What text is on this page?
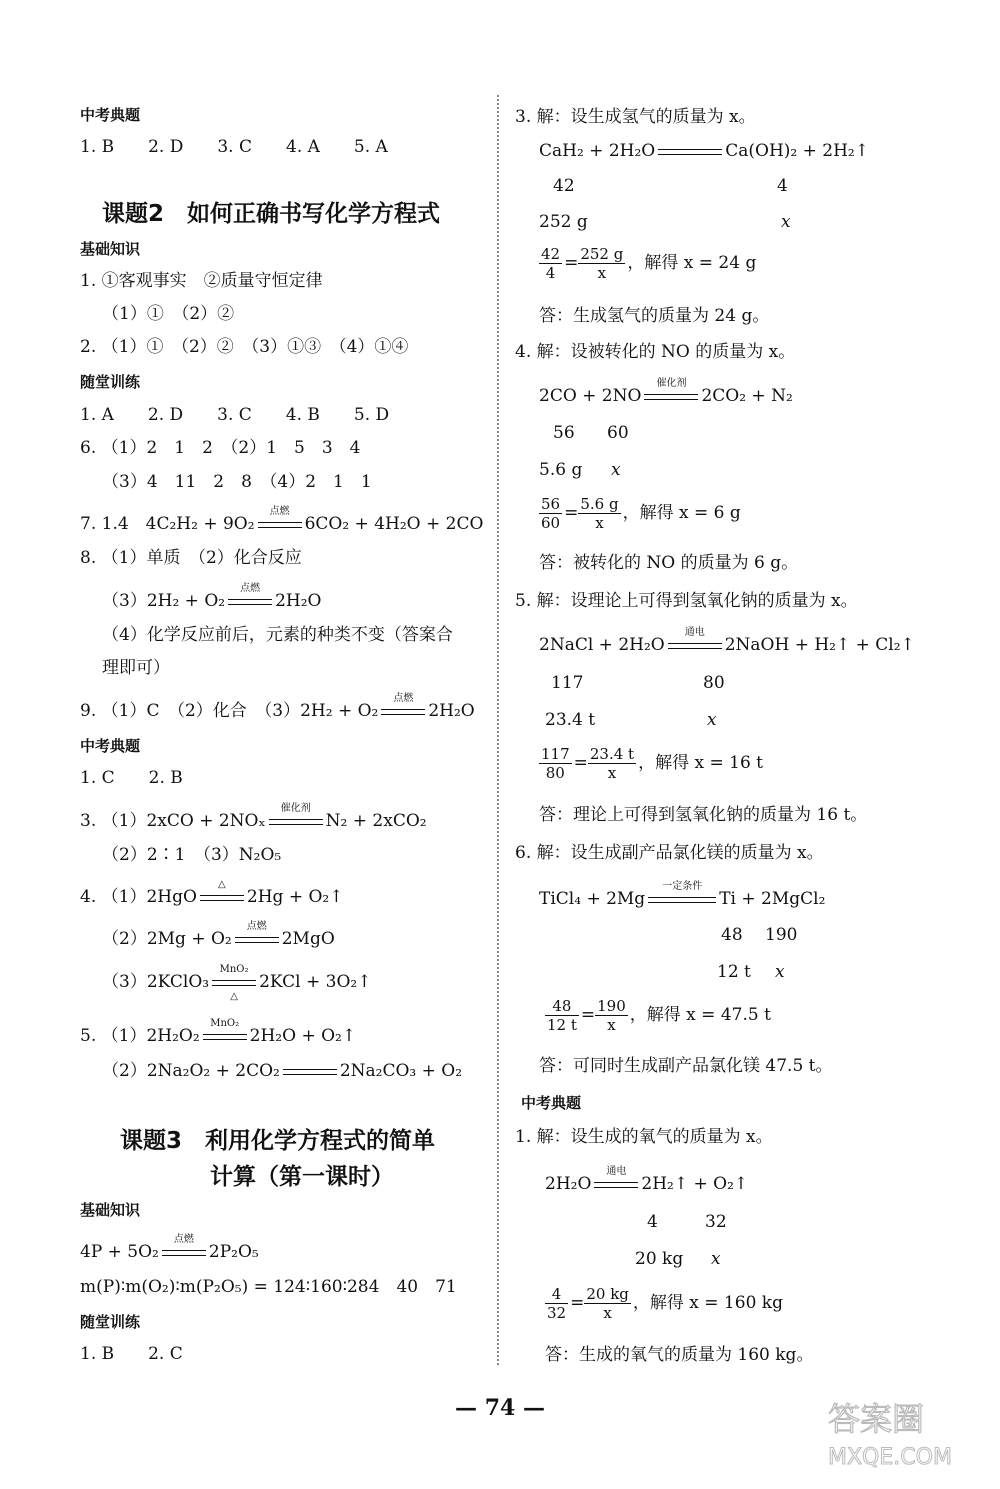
中考典题
1. B　　2. D　　3. C　　4. A　　5. A
课题2　如何正确书写化学方程式
基础知识
1. ①客观事实　②质量守恒定律
（1）①　（2）②
2. （1）①　（2）②　（3）①③　（4）①④
随堂训练
1. A　　2. D　　3. C　　4. B　　5. D
6. （1）2　1　2　（2）1　5　3　4
（3）4　11　2　8　（4）2　1　1
7. 1.4　4C₂H₂ + 9O₂
点燃
6CO₂ + 4H₂O + 2CO
8. （1）单质　（2）化合反应
（3）2H₂ + O₂
点燃
2H₂O
（4）化学反应前后，元素的种类不变（答案合
理即可）
9. （1）C　（2）化合　（3）2H₂ + O₂
点燃
2H₂O
中考典题
1. C　　2. B
3. （1）2xCO + 2NOₓ
催化剂
N₂ + 2xCO₂
（2）2∶1　（3）N₂O₅
4. （1）2HgO
△
2Hg + O₂↑
（2）2Mg + O₂
点燃
2MgO
（3）2KClO₃
MnO₂
△
2KCl + 3O₂↑
5. （1）2H₂O₂
MnO₂
2H₂O + O₂↑
（2）2Na₂O₂ + 2CO₂	2Na₂CO₃ + O₂
课题3　利用化学方程式的简单
计算（第一课时）
基础知识
4P + 5O₂
点燃
2P₂O₅
m(P)∶m(O₂)∶m(P₂O₅) = 124∶160∶284　40　71
随堂训练
1. B　　2. C
3. 解：设生成氢气的质量为 x。
CaH₂ + 2H₂O	Ca(OH)₂ + 2H₂↑
42	4
252 g	x
$\frac{42}{4} = \frac{252 g}{x}$ ，解得 x = 24 g
答：生成氢气的质量为 24 g。
4. 解：设被转化的 NO 的质量为 x。
2CO + 2NO
催化剂
2CO₂ + N₂
56 60
5.6 g x
$\frac{56}{60} = \frac{5.6 g}{x}$ ，解得 x = 6 g
答：被转化的 NO 的质量为 6 g。
5. 解：设理论上可得到氢氧化钠的质量为 x。
2NaCl + 2H₂O
通电
2NaOH + H₂↑ + Cl₂↑
117	80
23.4 t	x
$\frac{117}{80} = \frac{23.4 t}{x}$ ，解得 x = 16 t
答：理论上可得到氢氧化钠的质量为 16 t。
6. 解：设生成副产品氯化镁的质量为 x。
TiCl₄ + 2Mg
一定条件
Ti + 2MgCl₂
48 190
12 t x
$\frac{48}{12 t} = \frac{190}{x}$ ，解得 x = 47.5 t
答：可同时生成副产品氯化镁 47.5 t。
中考典题
1. 解：设生成的氧气的质量为 x。
2H₂O
通电
2H₂↑ + O₂↑
4	32
20 kg x
$\frac{4}{32} = \frac{20 kg}{x}$ ，解得 x = 160 kg
答：生成的氧气的质量为 160 kg。
— 74 —	答案圈
MXQE.COM
